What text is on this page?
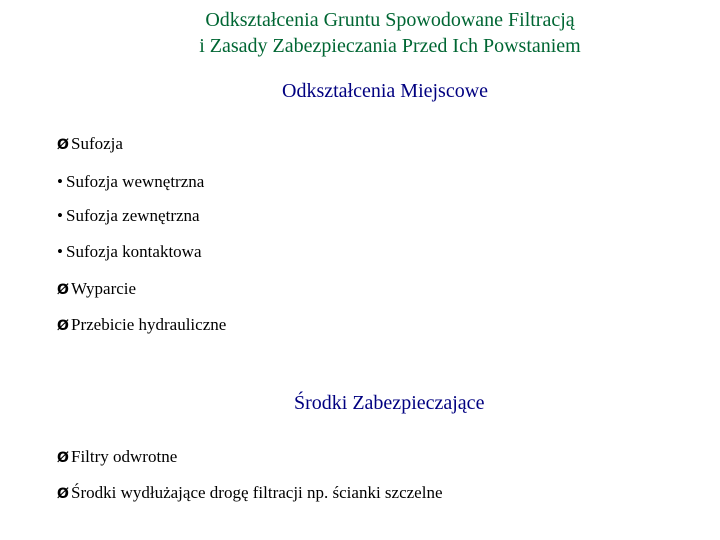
Odkształcenia Gruntu Spowodowane Filtracją
i Zasady Zabezpieczania Przed Ich Powstaniem
Odkształcenia Miejscowe
Ø Sufozja
• Sufozja wewnętrzna
• Sufozja zewnętrzna
• Sufozja kontaktowa
Ø Wyparcie
Ø Przebicie hydrauliczne
Środki Zabezpieczające
Ø Filtry odwrotne
Ø Środki wydłużające drogę filtracji np. ścianki szczelne
